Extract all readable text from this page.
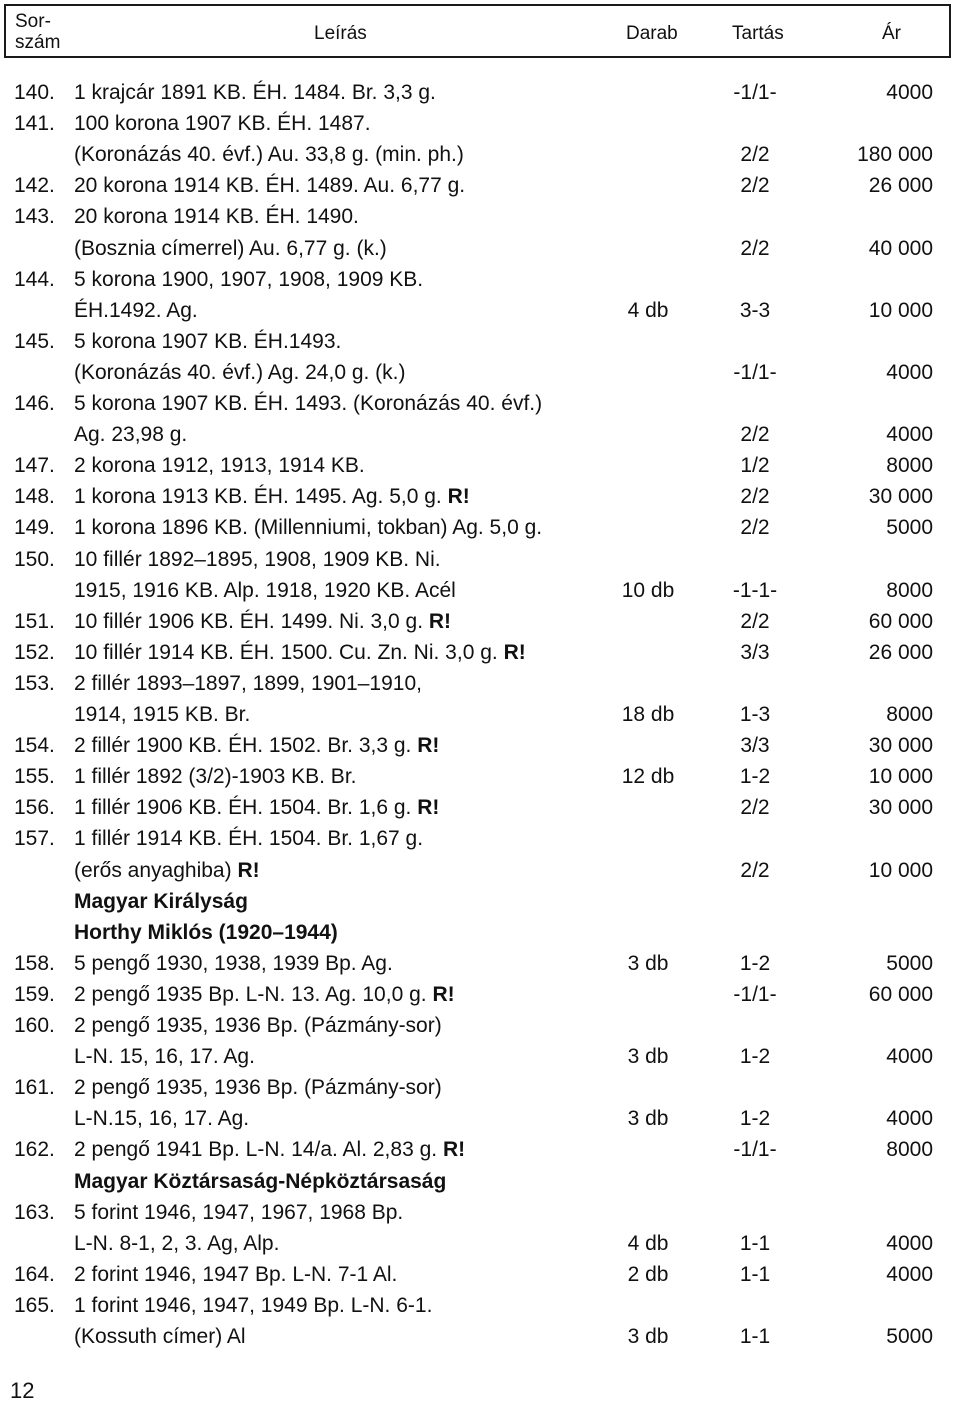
Sor-szám	Leírás	Darab	Tartás	Ár
140. 1 krajcár 1891 KB. ÉH. 1484. Br. 3,3 g.	-1/1-	4000
141. 100 korona 1907 KB. ÉH. 1487.
(Koronázás 40. évf.) Au. 33,8 g. (min. ph.)	2/2	180 000
142. 20 korona 1914 KB. ÉH. 1489. Au. 6,77 g.	2/2	26 000
143. 20 korona 1914 KB. ÉH. 1490.
(Bosznia címerrel) Au. 6,77 g. (k.)	2/2	40 000
144. 5 korona 1900, 1907, 1908, 1909 KB.
ÉH.1492. Ag.	4 db	3-3	10 000
145. 5 korona 1907 KB. ÉH.1493.
(Koronázás 40. évf.) Ag. 24,0 g. (k.)	-1/1-	4000
146. 5 korona 1907 KB. ÉH. 1493. (Koronázás 40. évf.)
Ag. 23,98 g.	2/2	4000
147. 2 korona 1912, 1913, 1914 KB.	1/2	8000
148. 1 korona 1913 KB. ÉH. 1495. Ag. 5,0 g. R!	2/2	30 000
149. 1 korona 1896 KB. (Millenniumi, tokban) Ag. 5,0 g.	2/2	5000
150. 10 fillér 1892–1895, 1908, 1909 KB. Ni.
1915, 1916 KB. Alp. 1918, 1920 KB. Acél	10 db	-1-1-	8000
151. 10 fillér 1906 KB. ÉH. 1499. Ni. 3,0 g. R!	2/2	60 000
152. 10 fillér 1914 KB. ÉH. 1500. Cu. Zn. Ni. 3,0 g. R!	3/3	26 000
153. 2 fillér 1893–1897, 1899, 1901–1910,
1914, 1915 KB. Br.	18 db	1-3	8000
154. 2 fillér 1900 KB. ÉH. 1502. Br. 3,3 g. R!	3/3	30 000
155. 1 fillér 1892 (3/2)-1903 KB. Br.	12 db	1-2	10 000
156. 1 fillér 1906 KB. ÉH. 1504. Br. 1,6 g. R!	2/2	30 000
157. 1 fillér 1914 KB. ÉH. 1504. Br. 1,67 g.
(erős anyaghiba) R!	2/2	10 000
Magyar Királyság
Horthy Miklós (1920–1944)
158. 5 pengő 1930, 1938, 1939 Bp. Ag.	3 db	1-2	5000
159. 2 pengő 1935 Bp. L-N. 13. Ag. 10,0 g. R!	-1/1-	60 000
160. 2 pengő 1935, 1936 Bp. (Pázmány-sor)
L-N. 15, 16, 17. Ag.	3 db	1-2	4000
161. 2 pengő 1935, 1936 Bp. (Pázmány-sor)
L-N.15, 16, 17. Ag.	3 db	1-2	4000
162. 2 pengő 1941 Bp. L-N. 14/a. Al. 2,83 g. R!	-1/1-	8000
Magyar Köztársaság-Népköztársaság
163. 5 forint 1946, 1947, 1967, 1968 Bp.
L-N. 8-1, 2, 3. Ag, Alp.	4 db	1-1	4000
164. 2 forint 1946, 1947 Bp. L-N. 7-1 Al.	2 db	1-1	4000
165. 1 forint 1946, 1947, 1949 Bp. L-N. 6-1.
(Kossuth címer) Al	3 db	1-1	5000
12
